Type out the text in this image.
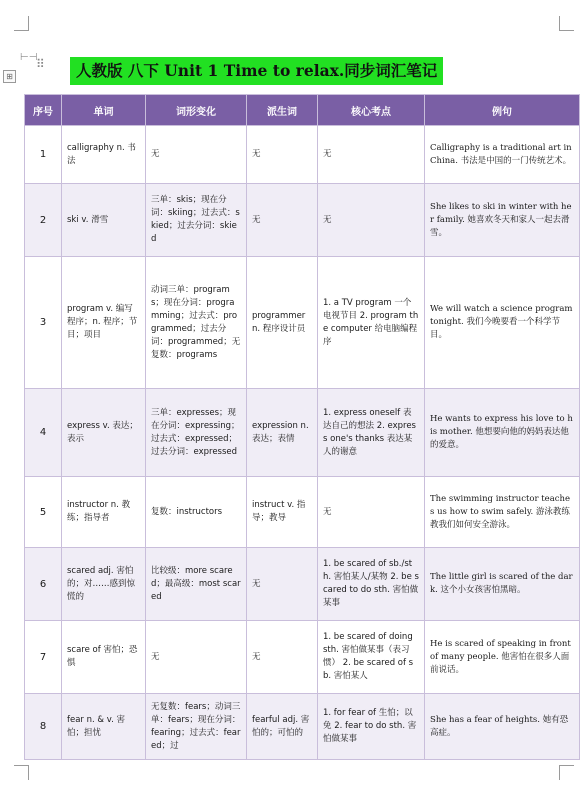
⊢⊣
⊞
⠿	人教版 八下 Unit 1 Time to relax.同步词汇笔记
序号	单词	词形变化	派生词	核心考点	例句
1	calligraphy n. 书法	无	无	无	Calligraphy is a traditional art in China. 书法是中国的一门传统艺术。
2	ski v. 滑雪	三单：skis；现在分词：skiing；过去式：skied；过去分词：skied	无	无	She likes to ski in winter with her family. 她喜欢冬天和家人一起去滑雪。
3	program v. 编写程序；n. 程序；节目；项目	动词三单：programs；现在分词：programming；过去式：programmed；过去分词：programmed；无复数：programs	programmer n. 程序设计员	1. a TV program 一个电视节目 2. program the computer 给电脑编程序	We will watch a science program tonight. 我们今晚要看一个科学节目。
4	express v. 表达；表示	三单：expresses；现在分词：expressing；过去式：expressed；过去分词：expressed	expression n. 表达；表情	1. express oneself 表达自己的想法 2. express one's thanks 表达某人的谢意	He wants to express his love to his mother. 他想要向他的妈妈表达他的爱意。
5	instructor n. 教练；指导者	复数：instructors	instruct v. 指导；教导	无	The swimming instructor teaches us how to swim safely. 游泳教练教我们如何安全游泳。
6	scared adj. 害怕的；对……感到惊慌的	比较级：more scared；最高级：most scared	无	1. be scared of sb./sth. 害怕某人/某物 2. be scared to do sth. 害怕做某事	The little girl is scared of the dark. 这个小女孩害怕黑暗。
7	scare of 害怕；恐惧	无	无	1. be scared of doing sth. 害怕做某事（表习惯） 2. be scared of sb. 害怕某人	He is scared of speaking in front of many people. 他害怕在很多人面前说话。
8	fear n. & v. 害怕；担忧	无复数：fears；动词三单：fears；现在分词：fearing；过去式：feared；过	fearful adj. 害怕的；可怕的	1. for fear of 生怕；以免 2. fear to do sth. 害怕做某事	She has a fear of heights. 她有恐高症。
